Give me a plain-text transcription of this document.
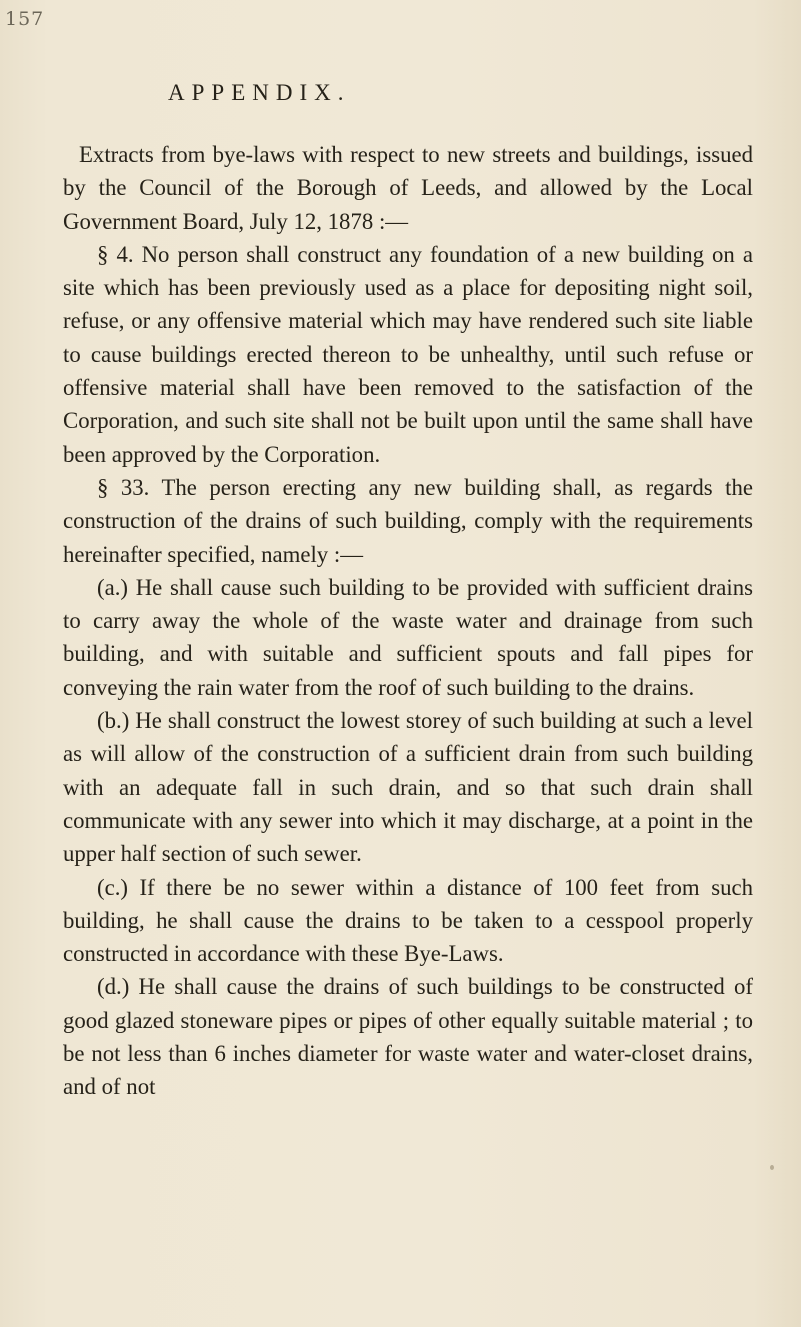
157
APPENDIX.

Extracts from bye-laws with respect to new streets and buildings, issued by the Council of the Borough of Leeds, and allowed by the Local Government Board, July 12, 1878 :—

§ 4. No person shall construct any foundation of a new building on a site which has been previously used as a place for depositing night soil, refuse, or any offensive material which may have rendered such site liable to cause buildings erected thereon to be unhealthy, until such refuse or offensive material shall have been removed to the satisfaction of the Corporation, and such site shall not be built upon until the same shall have been approved by the Corporation.

§ 33. The person erecting any new building shall, as regards the construction of the drains of such building, comply with the requirements hereinafter specified, namely :—

(a.) He shall cause such building to be provided with sufficient drains to carry away the whole of the waste water and drainage from such building, and with suitable and sufficient spouts and fall pipes for conveying the rain water from the roof of such building to the drains.

(b.) He shall construct the lowest storey of such building at such a level as will allow of the construction of a sufficient drain from such building with an adequate fall in such drain, and so that such drain shall communicate with any sewer into which it may discharge, at a point in the upper half section of such sewer.

(c.) If there be no sewer within a distance of 100 feet from such building, he shall cause the drains to be taken to a cesspool properly constructed in accordance with these Bye-Laws.

(d.) He shall cause the drains of such buildings to be constructed of good glazed stoneware pipes or pipes of other equally suitable material ; to be not less than 6 inches diameter for waste water and water-closet drains, and of not
